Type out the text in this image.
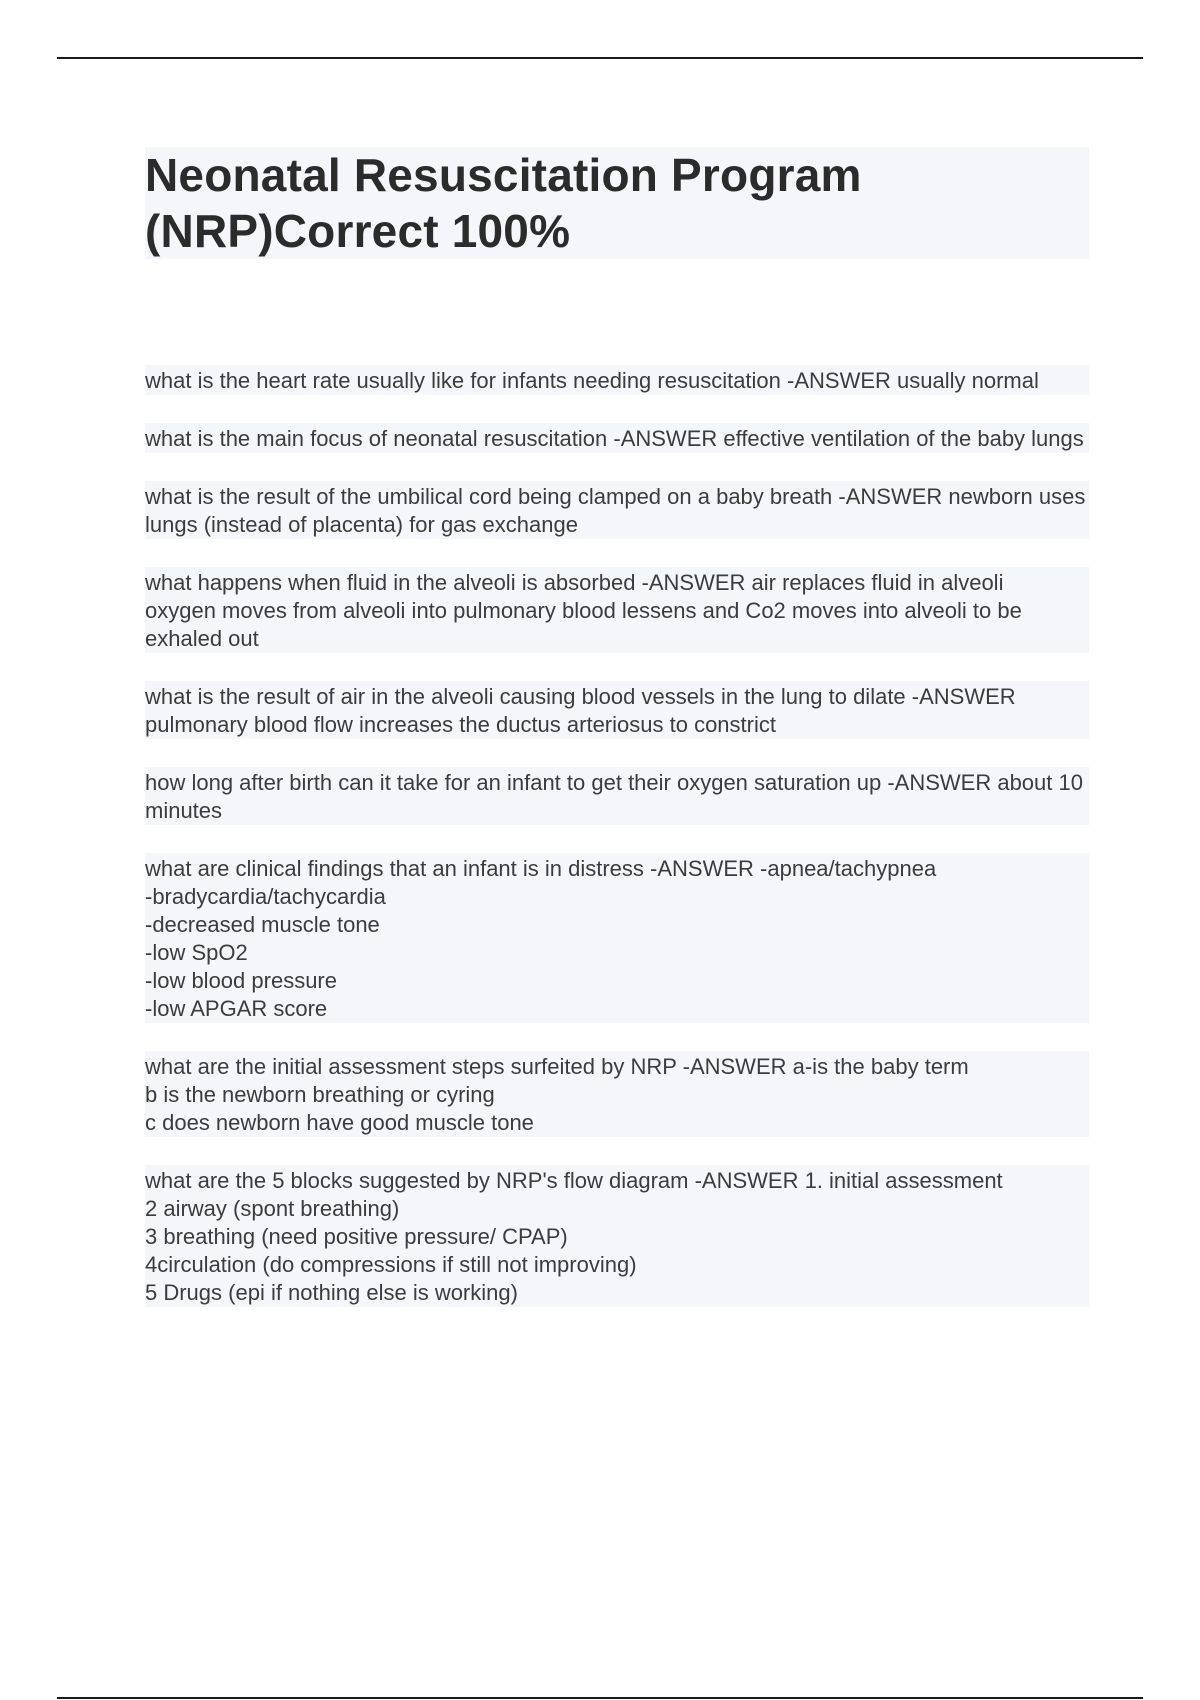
Neonatal Resuscitation Program (NRP)Correct 100%
what is the heart rate usually like for infants needing resuscitation -ANSWER usually normal
what is the main focus of neonatal resuscitation -ANSWER effective ventilation of the baby lungs
what is the result of the umbilical cord being clamped on a baby breath -ANSWER newborn uses lungs (instead of placenta) for gas exchange
what happens when fluid in the alveoli is absorbed -ANSWER air replaces fluid in alveoli
oxygen moves from alveoli into pulmonary blood lessens and Co2 moves into alveoli to be exhaled out
what is the result of air in the alveoli causing blood vessels in the lung to dilate -ANSWER pulmonary blood flow increases the ductus arteriosus to constrict
how long after birth can it take for an infant to get their oxygen saturation up -ANSWER about 10 minutes
what are clinical findings that an infant is in distress -ANSWER -apnea/tachypnea
-bradycardia/tachycardia
-decreased muscle tone
-low SpO2
-low blood pressure
-low APGAR score
what are the initial assessment steps surfeited by NRP -ANSWER a-is the baby term
b is the newborn breathing or cyring
c does newborn have good muscle tone
what are the 5 blocks suggested by NRP's flow diagram -ANSWER 1. initial assessment
2 airway (spont breathing)
3 breathing (need positive pressure/ CPAP)
4circulation (do compressions if still not improving)
5 Drugs (epi if nothing else is working)
